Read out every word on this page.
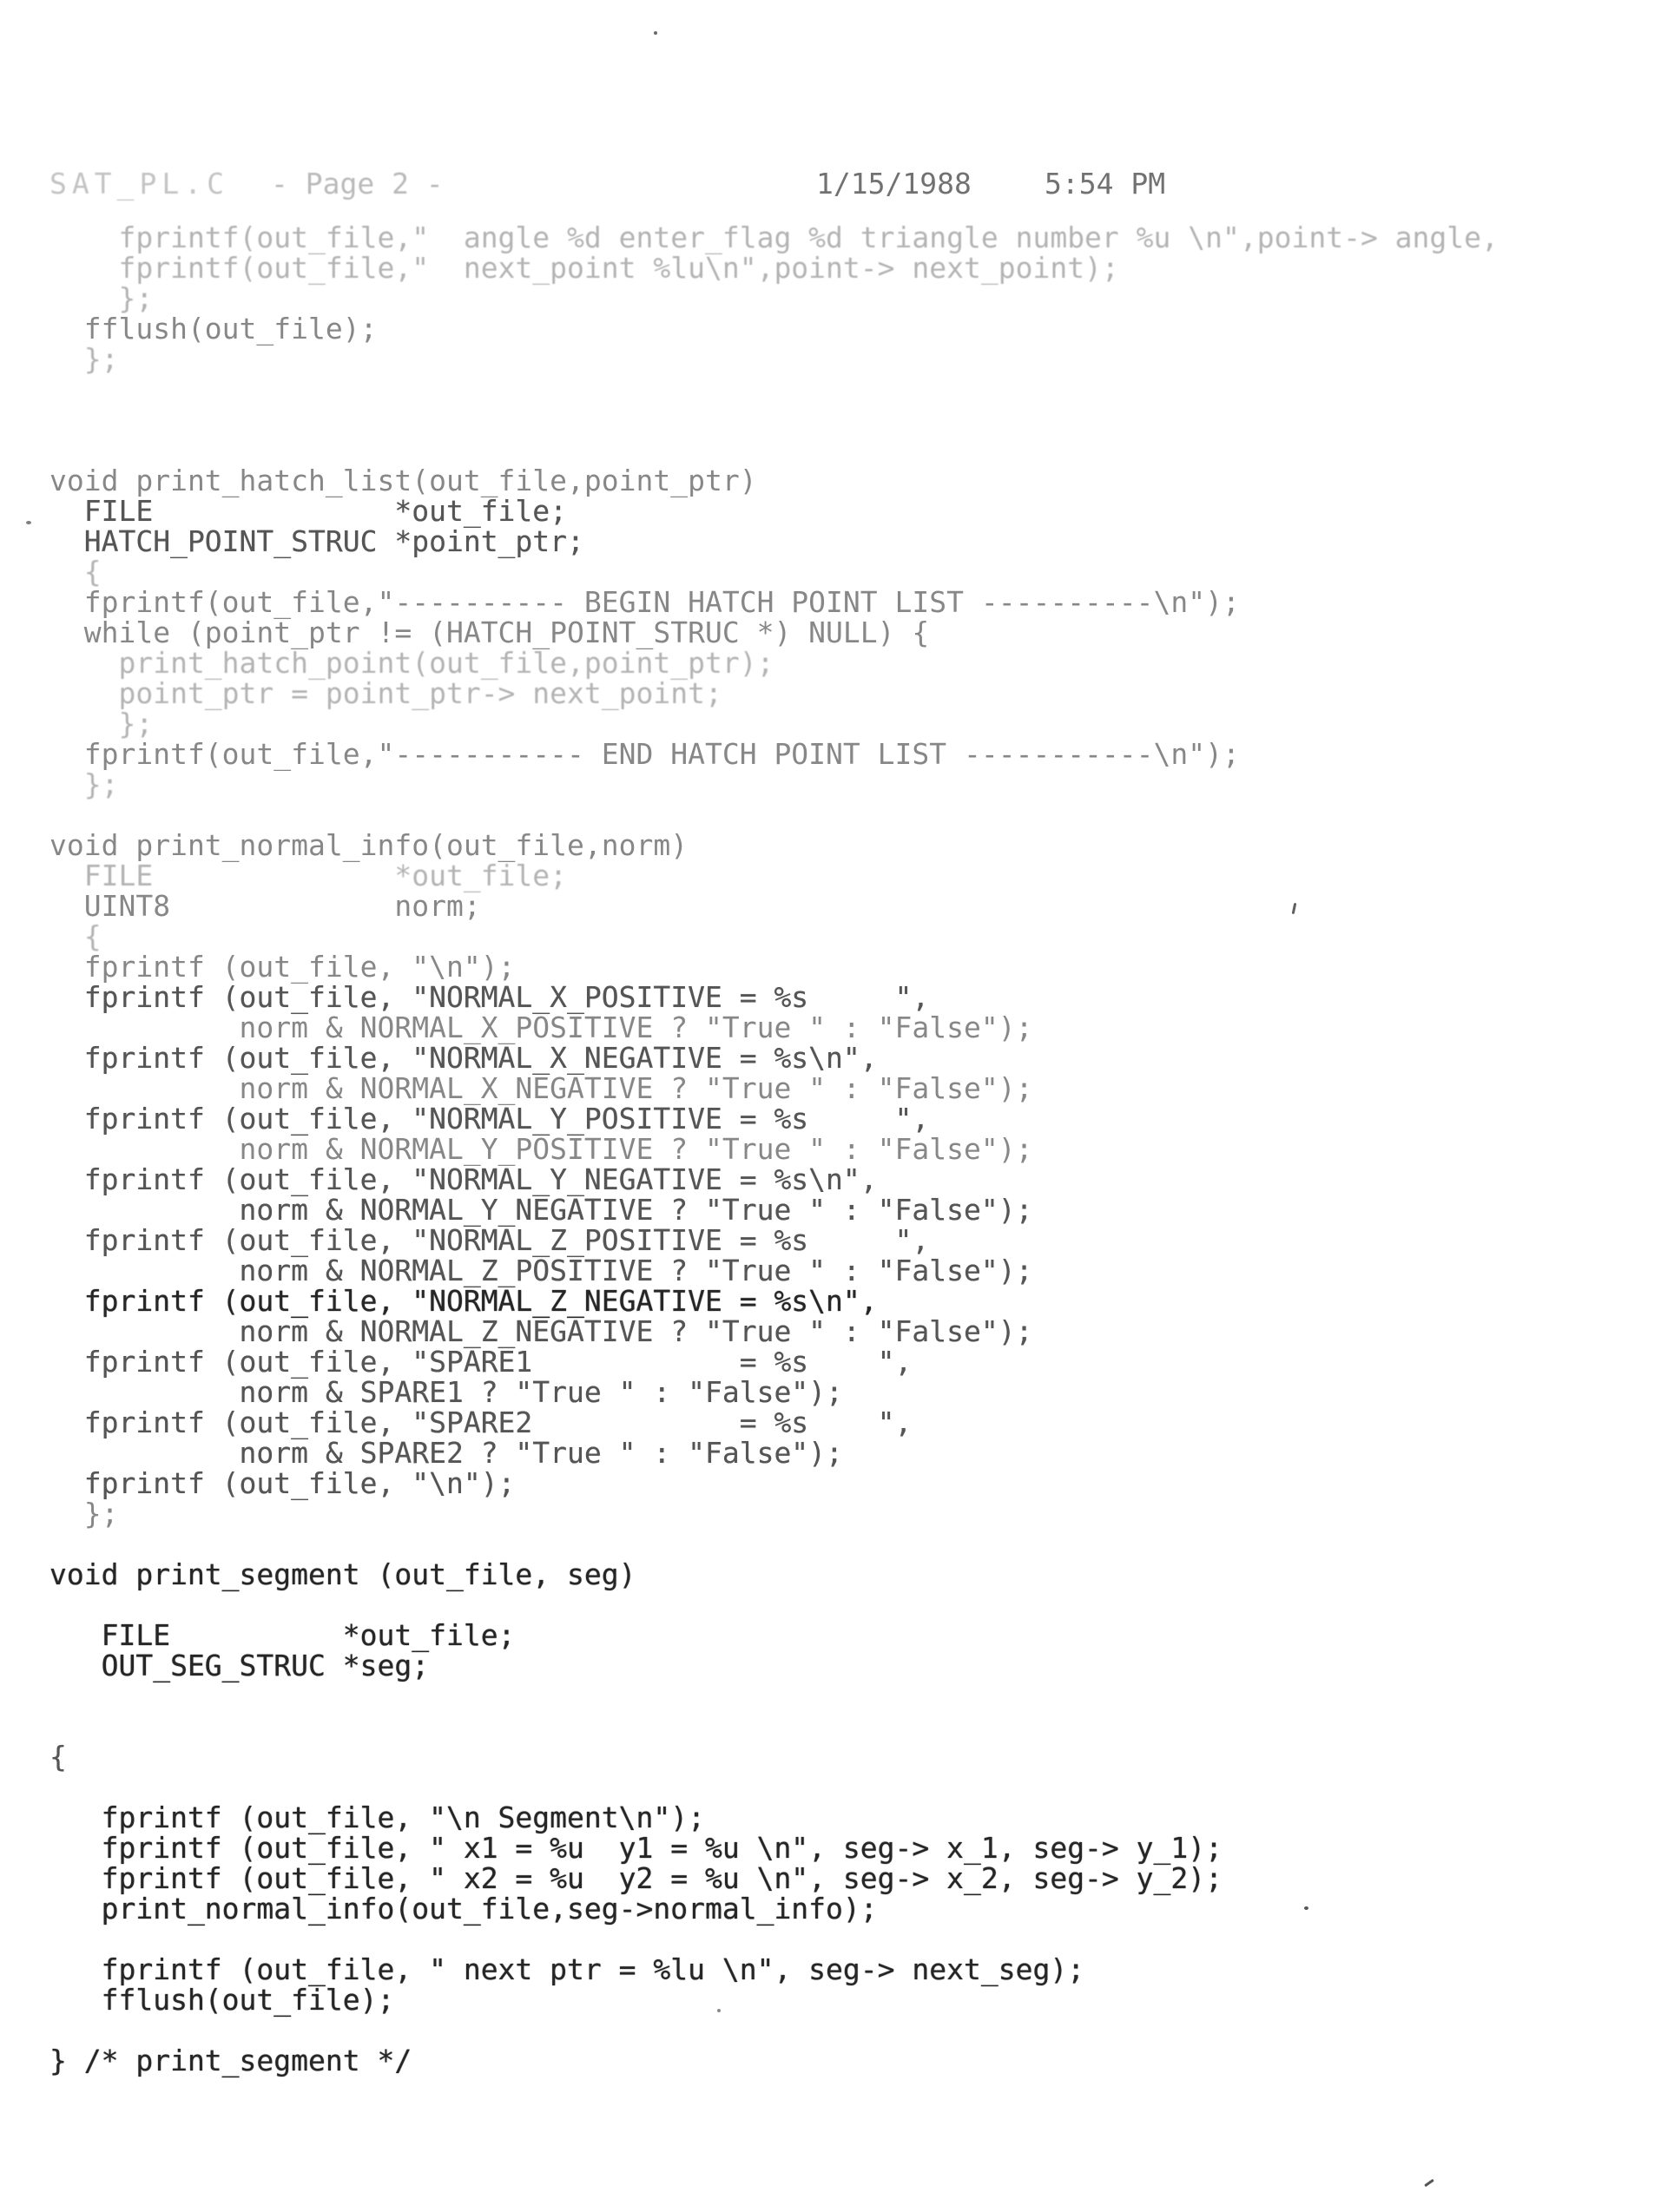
SAT_PL.C - Page 2 -	1/15/1988	5:54 PM
fprintf(out_file,"  angle %d enter_flag %d triangle number %u \n",point-> angle,
fprintf(out_file,"  next_point %lu\n",point-> next_point);
};
fflush(out_file);
};

void print_hatch_list(out_file,point_ptr)
FILE              *out_file;
HATCH_POINT_STRUC *point_ptr;
{
fprintf(out_file,"---------- BEGIN HATCH POINT LIST ----------\n");
while (point_ptr != (HATCH_POINT_STRUC *) NULL) {
print_hatch_point(out_file,point_ptr);
point_ptr = point_ptr-> next_point;
};
fprintf(out_file,"----------- END HATCH POINT LIST -----------\n");
};

void print_normal_info(out_file,norm)
FILE              *out_file;
UINT8             norm;
{
fprintf (out_file, "\n");
fprintf (out_file, "NORMAL_X_POSITIVE = %s     ",
norm & NORMAL_X_POSITIVE ? "True " : "False");
fprintf (out_file, "NORMAL_X_NEGATIVE = %s\n",
norm & NORMAL_X_NEGATIVE ? "True " : "False");
fprintf (out_file, "NORMAL_Y_POSITIVE = %s     ",
norm & NORMAL_Y_POSITIVE ? "True " : "False");
fprintf (out_file, "NORMAL_Y_NEGATIVE = %s\n",
norm & NORMAL_Y_NEGATIVE ? "True " : "False");
fprintf (out_file, "NORMAL_Z_POSITIVE = %s     ",
norm & NORMAL_Z_POSITIVE ? "True " : "False");
fprintf (out_file, "NORMAL_Z_NEGATIVE = %s\n",
norm & NORMAL_Z_NEGATIVE ? "True " : "False");
fprintf (out_file, "SPARE1            = %s    ",
norm & SPARE1 ? "True " : "False");
fprintf (out_file, "SPARE2            = %s    ",
norm & SPARE2 ? "True " : "False");
fprintf (out_file, "\n");
};

void print_segment (out_file, seg)

FILE          *out_file;
OUT_SEG_STRUC *seg;

{

fprintf (out_file, "\n Segment\n");
fprintf (out_file, " x1 = %u  y1 = %u \n", seg-> x_1, seg-> y_1);
fprintf (out_file, " x2 = %u  y2 = %u \n", seg-> x_2, seg-> y_2);
print_normal_info(out_file,seg->normal_info);

fprintf (out_file, " next ptr = %lu \n", seg-> next_seg);
fflush(out_file);

} /* print_segment */
